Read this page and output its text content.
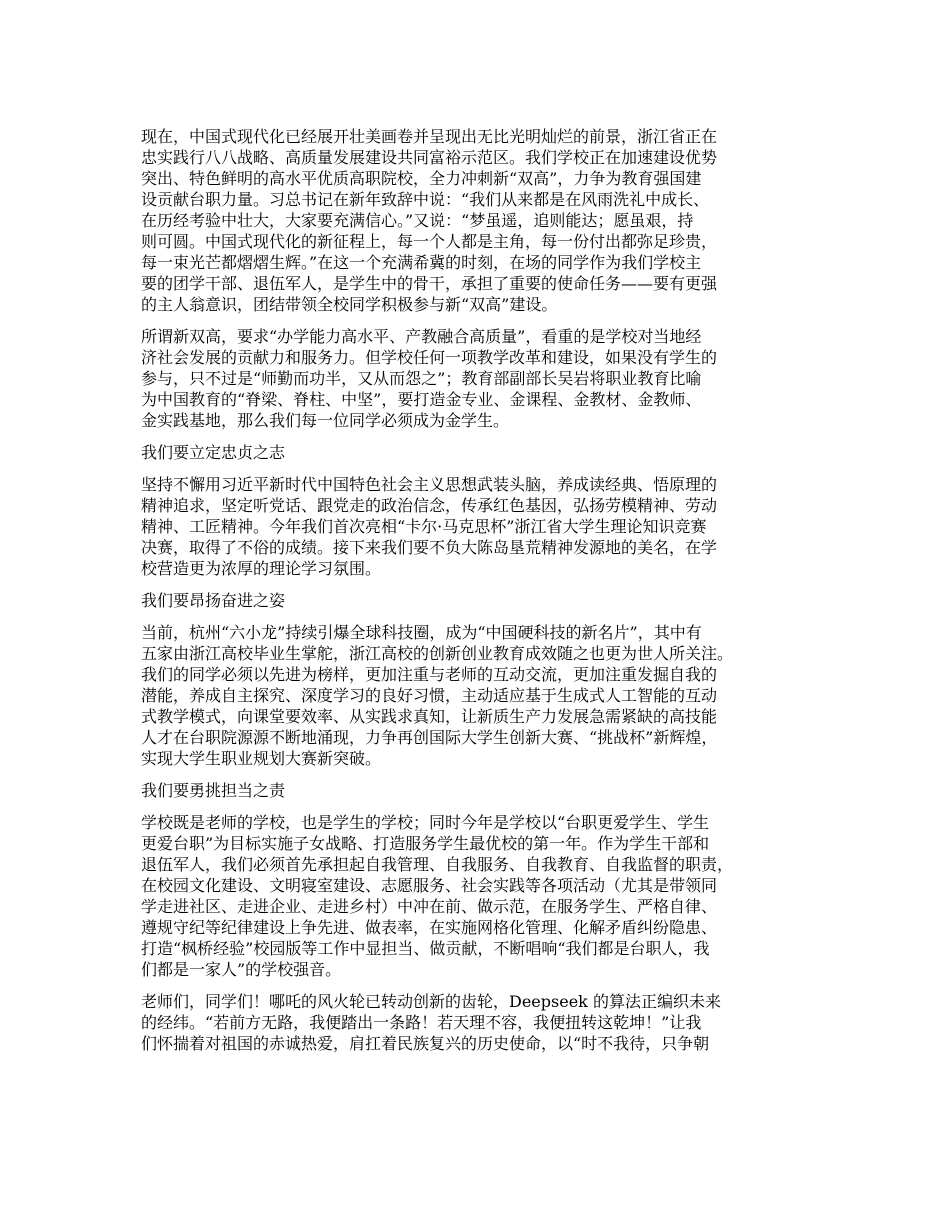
现在，中国式现代化已经展开壮美画卷并呈现出无比光明灿烂的前景，浙江省正在
忠实践行八八战略、高质量发展建设共同富裕示范区。我们学校正在加速建设优势
突出、特色鲜明的高水平优质高职院校，全力冲刺新“双高”，力争为教育强国建
设贡献台职力量。习总书记在新年致辞中说：“我们从来都是在风雨洗礼中成长、
在历经考验中壮大，大家要充满信心。”又说：“梦虽遥，追则能达；愿虽艰，持
则可圆。中国式现代化的新征程上，每一个人都是主角，每一份付出都弥足珍贵，
每一束光芒都熠熠生辉。”在这一个充满希冀的时刻，在场的同学作为我们学校主
要的团学干部、退伍军人，是学生中的骨干，承担了重要的使命任务——要有更强
的主人翁意识，团结带领全校同学积极参与新“双高”建设。
所谓新双高，要求“办学能力高水平、产教融合高质量”，看重的是学校对当地经
济社会发展的贡献力和服务力。但学校任何一项教学改革和建设，如果没有学生的
参与，只不过是“师勤而功半，又从而怨之”；教育部副部长吴岩将职业教育比喻
为中国教育的“脊梁、脊柱、中坚”，要打造金专业、金课程、金教材、金教师、
金实践基地，那么我们每一位同学必须成为金学生。
我们要立定忠贞之志
坚持不懈用习近平新时代中国特色社会主义思想武装头脑，养成读经典、悟原理的
精神追求，坚定听党话、跟党走的政治信念，传承红色基因，弘扬劳模精神、劳动
精神、工匠精神。今年我们首次亮相“卡尔·马克思杯”浙江省大学生理论知识竞赛
决赛，取得了不俗的成绩。接下来我们要不负大陈岛垦荒精神发源地的美名，在学
校营造更为浓厚的理论学习氛围。
我们要昂扬奋进之姿
当前，杭州“六小龙”持续引爆全球科技圈，成为“中国硬科技的新名片”，其中有
五家由浙江高校毕业生掌舵，浙江高校的创新创业教育成效随之也更为世人所关注。
我们的同学必须以先进为榜样，更加注重与老师的互动交流，更加注重发掘自我的
潜能，养成自主探究、深度学习的良好习惯，主动适应基于生成式人工智能的互动
式教学模式，向课堂要效率、从实践求真知，让新质生产力发展急需紧缺的高技能
人才在台职院源源不断地涌现，力争再创国际大学生创新大赛、“挑战杯”新辉煌，
实现大学生职业规划大赛新突破。
我们要勇挑担当之责
学校既是老师的学校，也是学生的学校；同时今年是学校以“台职更爱学生、学生
更爱台职”为目标实施子女战略、打造服务学生最优校的第一年。作为学生干部和
退伍军人，我们必须首先承担起自我管理、自我服务、自我教育、自我监督的职责，
在校园文化建设、文明寝室建设、志愿服务、社会实践等各项活动（尤其是带领同
学走进社区、走进企业、走进乡村）中冲在前、做示范，在服务学生、严格自律、
遵规守纪等纪律建设上争先进、做表率，在实施网格化管理、化解矛盾纠纷隐患、
打造“枫桥经验”校园版等工作中显担当、做贡献，不断唱响“我们都是台职人，我
们都是一家人”的学校强音。
老师们，同学们！哪吒的风火轮已转动创新的齿轮，Deepseek 的算法正编织未来
的经纬。“若前方无路，我便踏出一条路！若天理不容，我便扭转这乾坤！”让我
们怀揣着对祖国的赤诚热爱，肩扛着民族复兴的历史使命，以“时不我待，只争朝
